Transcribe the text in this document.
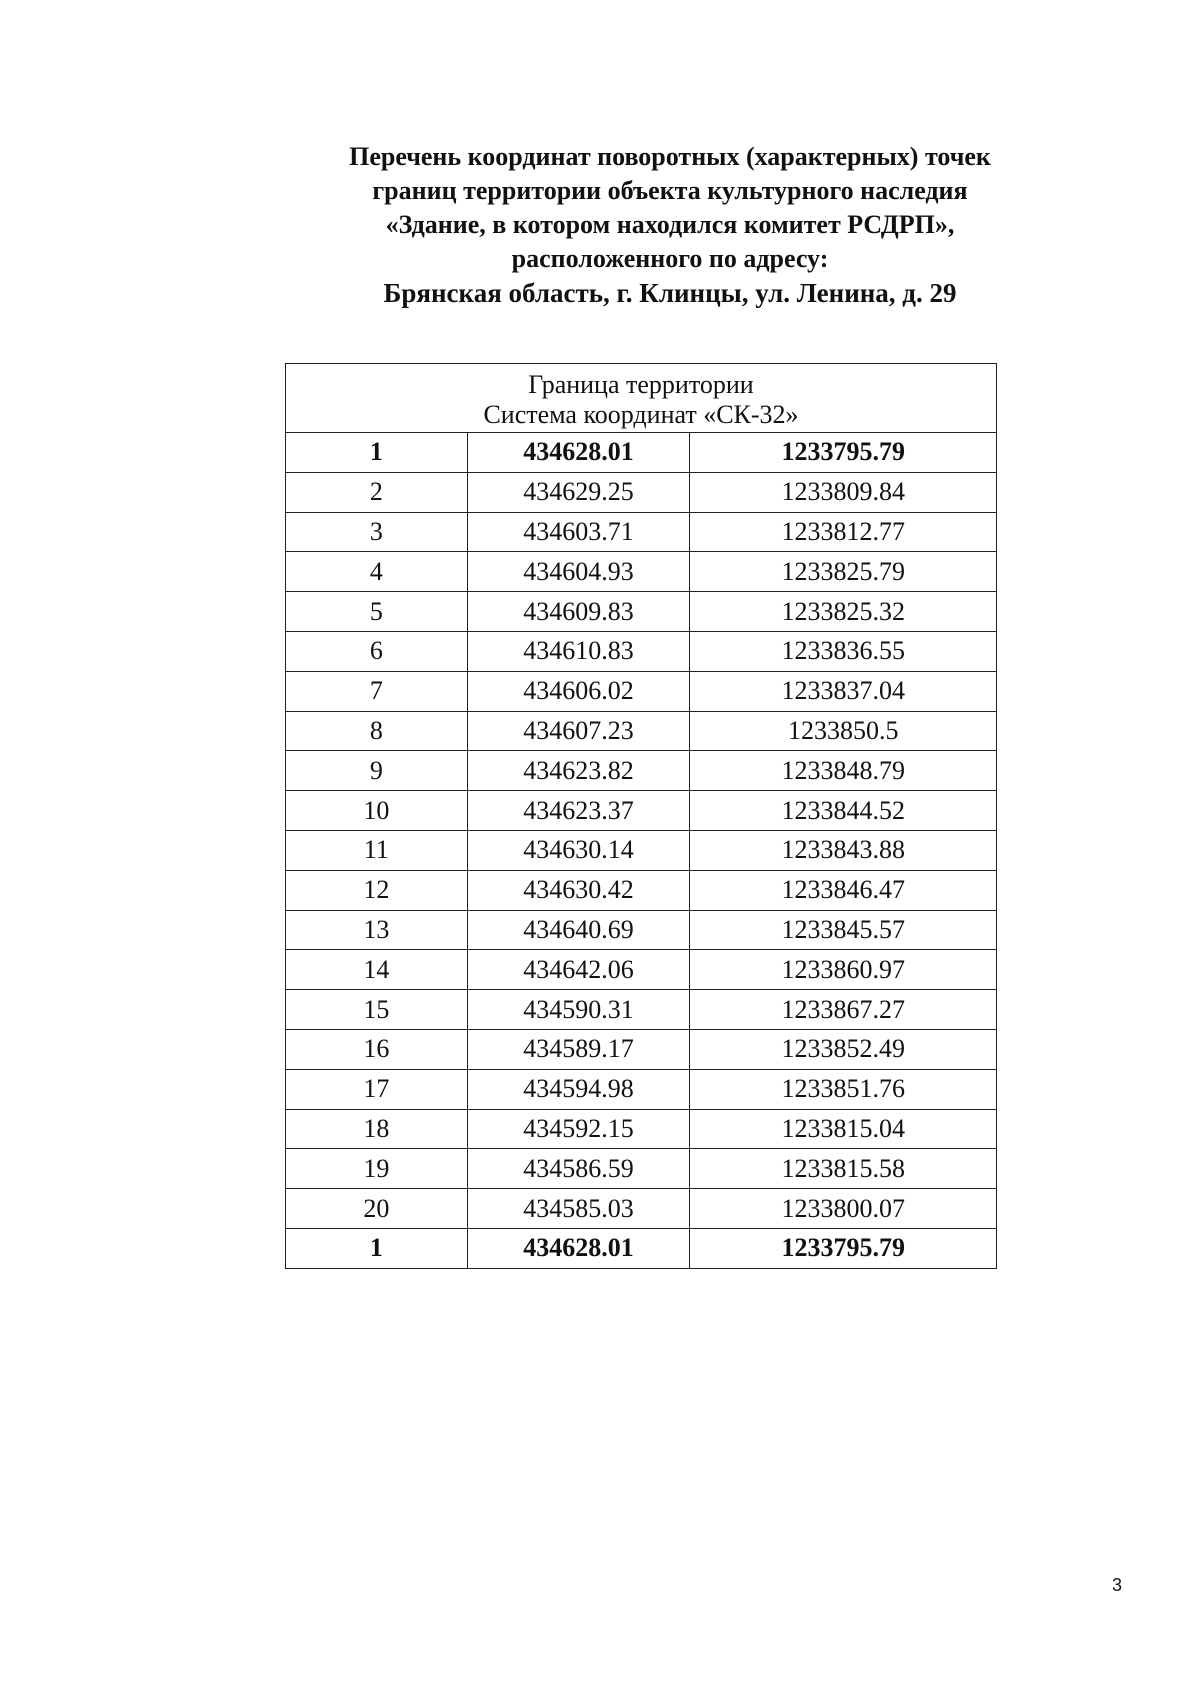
Перечень координат поворотных (характерных) точек
границ территории объекта культурного наследия
«Здание, в котором находился комитет РСДРП»,
расположенного по адресу:
Брянская область, г. Клинцы, ул. Ленина, д. 29
Граница территории
Система координат «СК-32»		

1	434628.01	1233795.79
2	434629.25	1233809.84
3	434603.71	1233812.77
4	434604.93	1233825.79
5	434609.83	1233825.32
6	434610.83	1233836.55
7	434606.02	1233837.04
8	434607.23	1233850.5
9	434623.82	1233848.79
10	434623.37	1233844.52
11	434630.14	1233843.88
12	434630.42	1233846.47
13	434640.69	1233845.57
14	434642.06	1233860.97
15	434590.31	1233867.27
16	434589.17	1233852.49
17	434594.98	1233851.76
18	434592.15	1233815.04
19	434586.59	1233815.58
20	434585.03	1233800.07
1	434628.01	1233795.79
3
